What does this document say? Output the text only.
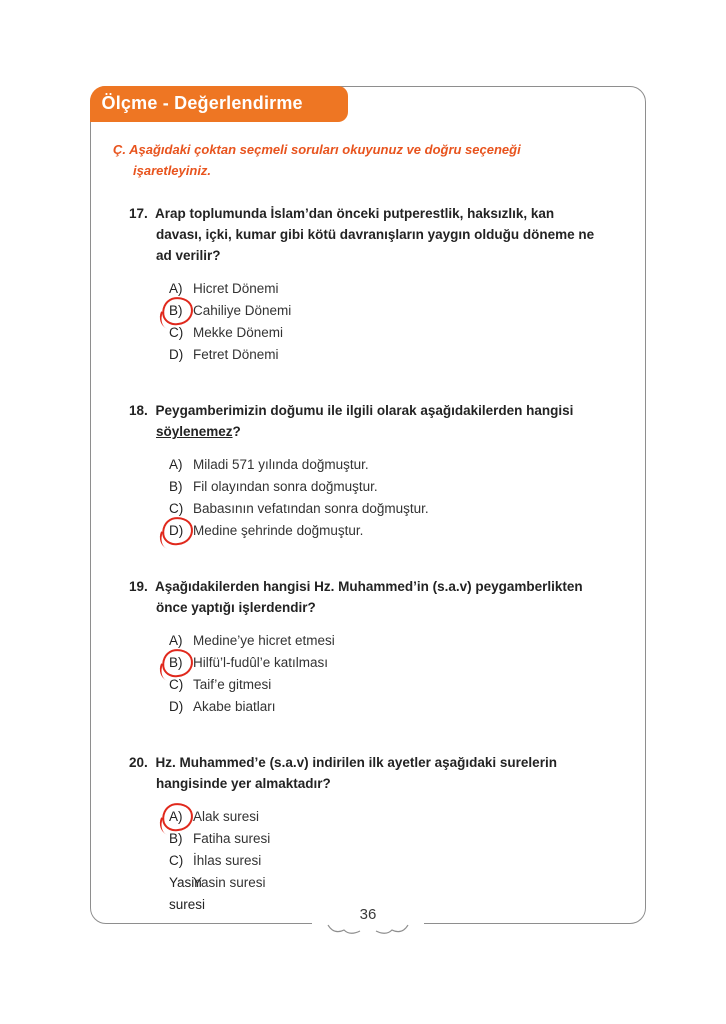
Ölçme - Değerlendirme

Ç. Aşağıdaki çoktan seçmeli soruları okuyunuz ve doğru seçeneği işaretleyiniz.

17. Arap toplumunda İslam’dan önceki putperestlik, haksızlık, kan davası, içki, kumar gibi kötü davranışların yaygın olduğu döneme ne ad verilir?
A) Hicret Dönemi
B) Cahiliye Dönemi
C) Mekke Dönemi
D) Fetret Dönemi
18. Peygamberimizin doğumu ile ilgili olarak aşağıdakilerden hangisi söylenemez?
A) Miladi 571 yılında doğmuştur.
B) Fil olayından sonra doğmuştur.
C) Babasının vefatından sonra doğmuştur.
D) Medine şehrinde doğmuştur.
19. Aşağıdakilerden hangisi Hz. Muhammed’in (s.a.v) peygamberlikten önce yaptığı işlerdendir?
A) Medine’ye hicret etmesi
B) Hilfü’l-fudûl’e katılması
C) Taif’e gitmesi
D) Akabe biatları
20. Hz. Muhammed’e (s.a.v) indirilen ilk ayetler aşağıdaki surelerin hangisinde yer almaktadır?
A) Alak suresi
B) Fatiha suresi
C) İhlas suresi
Yasin suresi
Yasin suresi
36
